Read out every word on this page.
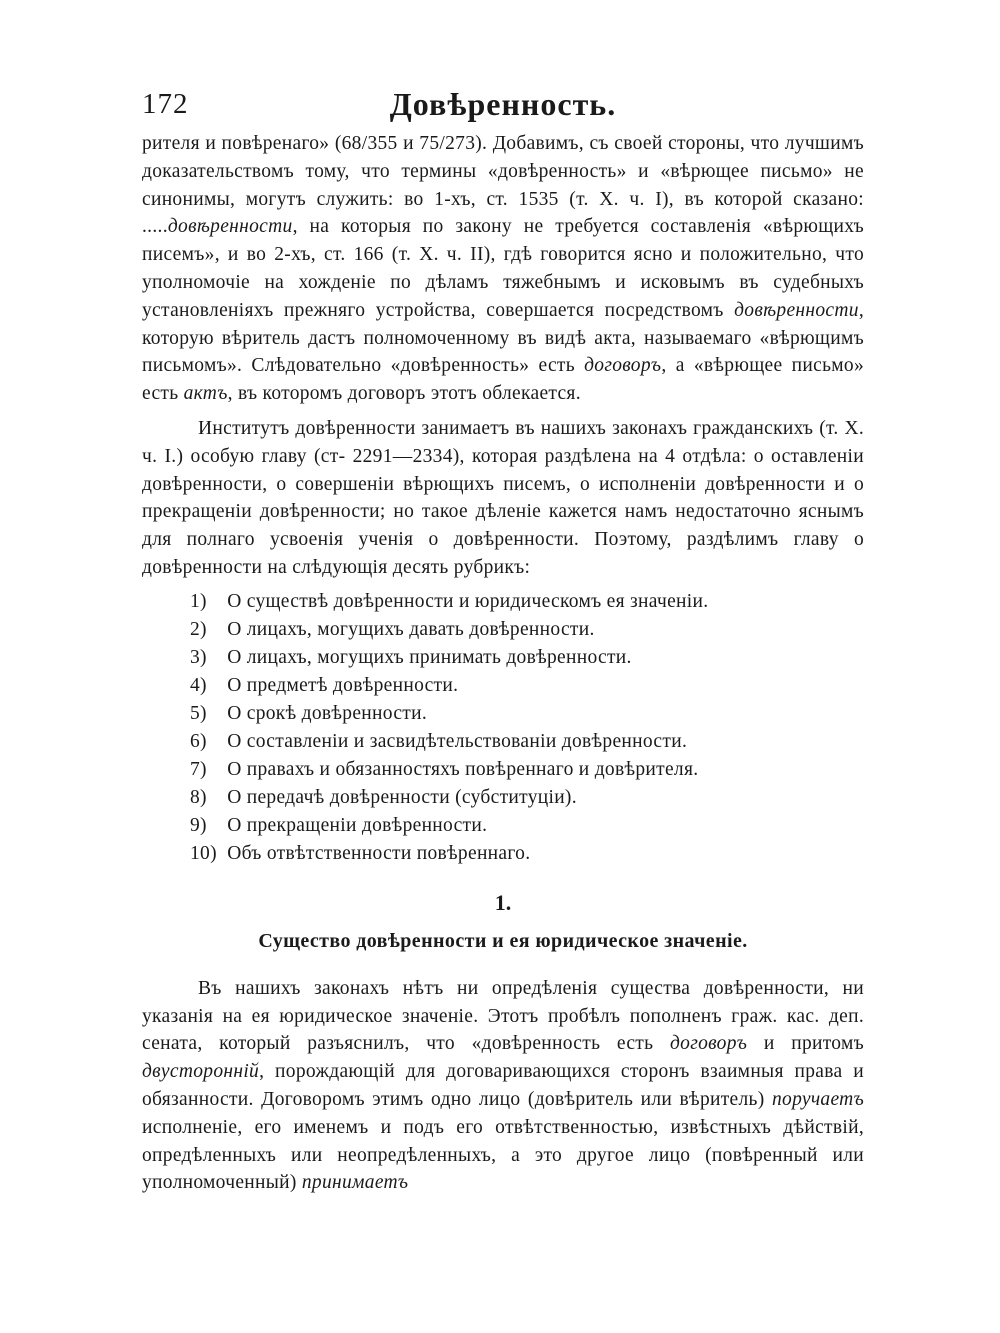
172	Довѣренность.

рителя и повѣренаго» (68/355 и 75/273). Добавимъ, съ своей стороны, что лучшимъ доказательствомъ тому, что термины «довѣренность» и «вѣрющее письмо» не синонимы, могутъ служить: во 1-хъ, ст. 1535 (т. X. ч. I), въ которой сказано: .....довѣренности, на которыя по закону не требуется составленія «вѣрющихъ писемъ», и во 2-хъ, ст. 166 (т. X. ч. II), гдѣ говорится ясно и положительно, что уполномочіе на хожденіе по дѣламъ тяжебнымъ и исковымъ въ судебныхъ установленіяхъ прежняго устройства, совершается посредствомъ довѣренности, которую вѣритель дастъ полномоченному въ видѣ акта, называемаго «вѣрющимъ письмомъ». Слѣдовательно «довѣренность» есть договоръ, а «вѣрющее письмо» есть актъ, въ которомъ договоръ этотъ облекается.

Институтъ довѣренности занимаетъ въ нашихъ законахъ гражданскихъ (т. X. ч. I.) особую главу (ст- 2291—2334), которая раздѣлена на 4 отдѣла: о оставленіи довѣренности, о совершеніи вѣрющихъ писемъ, о исполненіи довѣренности и о прекращеніи довѣренности; но такое дѣленіе кажется намъ недостаточно яснымъ для полнаго усвоенія ученія о довѣренности. Поэтому, раздѣлимъ главу о довѣренности на слѣдующія десять рубрикъ:

1) О существѣ довѣренности и юридическомъ ея значеніи.
2) О лицахъ, могущихъ давать довѣренности.
3) О лицахъ, могущихъ принимать довѣренности.
4) О предметѣ довѣренности.
5) О срокѣ довѣренности.
6) О составленіи и засвидѣтельствованіи довѣренности.
7) О правахъ и обязанностяхъ повѣреннаго и довѣрителя.
8) О передачѣ довѣренности (субституціи).
9) О прекращеніи довѣренности.
10) Объ отвѣтственности повѣреннаго.
1.
Существо довѣренности и ея юридическое значеніе.

Въ нашихъ законахъ нѣтъ ни опредѣленія существа довѣренности, ни указанія на ея юридическое значеніе. Этотъ пробѣлъ пополненъ граж. кас. деп. сената, который разъяснилъ, что «довѣренность есть договоръ и притомъ двусторонній, порождающій для договаривающихся сторонъ взаимныя права и обязанности. Договоромъ этимъ одно лицо (довѣритель или вѣритель) поручаетъ исполненіе, его именемъ и подъ его отвѣтственностью, извѣстныхъ дѣйствій, опредѣленныхъ или неопредѣленныхъ, а это другое лицо (повѣренный или уполномоченный) принимаетъ
